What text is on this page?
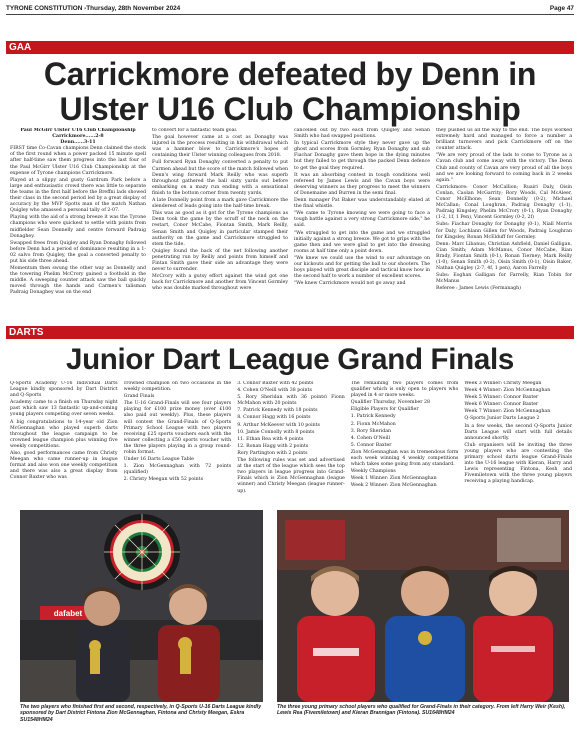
TYRONE CONSTITUTION -Thursday, 28th November 2024	Page 47
GAA
Carrickmore defeated by Denn in Ulster U16 Club Championship
Paul McGirr Ulster U16 Club Championship
Carrickmore......2-8
Denn......3-11

FIRST time Co-Cavan champions Denn claimed the stock of the first round when a power packed 15 minute spell after half-time saw them progress into the last four of the Paul McGirr Ulster U16 Club Championship at the expense of Tyrone champions Carrickmore.

Played at a slippy and gusty Gardrum Park before a large and enthusiastic crowd there was little to separate the teams in the first half before the Breffni lads showed their class in the second period led by a great display of accuracy by the MVP Spotts man of the match Nathan Quigley who amassed a personal tally of 2-07.

Playing with the aid of a strong breeze it was the Tyrone champions who were quickest to settle with points from midfielder Sean Donnelly and centre forward Padraig Donaghey.

Swapped frees from Quigley and Ryan Donaghy followed before Denn had a period of dominance resulting in a 1-02 salvo from Quigley, the goal a converted penalty to put his side three ahead.

Momentum then swung the other way as Donnelly and the towering Phelim McCrory gained a foothold in the middle. A sweeping counter attack saw the ball quickly moved through the hands and Carmen's talisman Padraig Donaghey was on the end

to convert for a fantastic team goal.

The goal however came at a cost as Donaghy was injured in the process resulting in his withdrawal which was a hammer blow to Carrickmore's hopes of containing their Ulster winning colleagues from 2018.

Full forward Ryan Donaghy converted a penalty to put Carmen ahead but the score of the match followed when Denn's wing forward Mark Reilly who was superb throughout gathered the ball sixty yards out before embarking on a mazy run ending with a sensational finish to the bottom corner from twenty yards.

A late Donnelly point from a mark gave Carrickmore the slenderest of leads going into the half-time break.

This was as good as it got for the Tyrone champions as Denn took the game by the scruff of the neck on the restart, Conor McCabe, Fiontan Smith, Mark Reilly, Senan Smith and Quigley in particular stamped their authority on the game and Carrickmore struggled to stem the tide.

Quigley found the back of the net following another penetrating run by Reilly and points from himself and Fintan Smith gave their side an advantage they were never to surrender.

McCrory with a gutsy effort against the wind got one back for Carrickmore and another from Vincent Gormley who was double marked throughout were

cancelled out by two each from Quigley and Senan Smith who had swapped positions.

In typical Carrickmore style they never gave up the ghost and scores from Gormley, Ryan Donaghy and sub Fiachar Donaghy gave them hope in the dying minutes but they failed to get through the packed Denn defence to get the goal they required.

It was an absorbing contest in tough conditions well refereed by James Lewis and the Cavan boys were deserving winners as they progress to meet the winners of Donemaine and Burren in the semi final.

Denn manager Pat Baker was understandably elated at the final whistle.

"We came to Tyrone knowing we were going to face a tough battle against a very strong Carrickmore side," he said.

"We struggled to get into the game and we struggled initially against a strong breeze. We got to grips with the game then and we were glad to get into the dressing rooms at half time only a point down.

"We knew we could use the wind to our advantage on our kickouts and for getting the ball to our shooters. The boys played with great disciple and tactical know how in the second half to work a number of excellent scores.

"We knew Carrickmore would not go away and

they pushed us all the way to the end. The boys worked extremely hard and managed to force a number a brilliant turnovers and pick Carrickmore off on the counter attack.

"We are very proud of the lads to come to Tyrone as a Cavan club and come away with the victory. The Denn Club and county of Cavan are very proud of all the boys and we are looking forward to coming back in 2 weeks again."

Carrickmore: Conor McCallion; Ruairi Daly, Oisin Conlan, Caolan McGarrity; Rory Woods, Cal McAleer, Conor McElhone; Sean Donnelly (0-2), Michael McCallan; Conal Loughran, Padraig Donaghy (1-1), Padraig Kingsley, Phelim McCrory (0-1), Ryan Donaghy (1-2, 1f, 1 Pen), Vincent Gormley (0-2, 2f)

Subs: Fiachar Donaghy for Donaghy (0-1), Niall Morris for Daly, Lochlann Gillen for Woods, Padraig Loughran for Kingsley, Ronan McElduff for Gormley.

Denn: Marc Libanus; Christian Ashfield, Daniel Galligan, Cian Smith; Adam McManus, Conor McCabe, Rian Brady, Fiontan Smith (0-1), Ronan Tierney; Mark Reilly (1-0), Senan Smith (0-2), Oisin Smith (0-1), Oisin Baker, Nathan Quigley (2-7, 4f, 1 pen), Aaron Farrelly

Subs: Eoghan Galligan for Farrelly, Rian Tobin for McManus

Referee : James Lewis (Fermanagh)

DARTS
Junior Dart League Grand Finals

Q-Sports Academy U-16 Individual Darts League kindly sponsored by Dart District and Q-Sports

Academy came to a finish on Thursday night past which saw 13 fantastic up-and-coming young players competing over seven weeks.

A big congratulations to 14-year old Zion McGennaghan who played superb darts throughout the league campaign to be crowned league champion plus winning five weekly competitions.

Also, good performances came from Christy Meegan who came runner-up in league format and also won one weekly competition and there was also a great display from Connor Baxter who was

crowned champion on two occasions in the weekly competition.

Grand Finals

The U-16 Grand-Finals will see four players playing for £100 prize money (over £100 also paid out weekly). Plus, these players will contest the Grand-Finals of Q-Sports Primary School League with two players receiving £25 sports vouchers each with the winner collecting a £50 sports voucher with the three players playing in a group round-robin format.

Under 16 Darts League Table

1. Zion McGennaghan with 72 points (qualified)

2. Christy Meegan with 52 points

3. Connor Baxter with 42 points

4. Cohen O'Neill with 38 points

5. Rory Sheridan with 36 points\ Fionn McMahon with 20 points

7. Patrick Kennedy with 18 points

8. Connor Hagg with 16 points

9. Arthur McKeever with 10 points

10. Jamie Connolly with 8 points

11. Ethan Rea with 4 points

12. Ronan Hagg with 2 points

Rory Partington with 2 points

The following rules was set and advertised at the start of the league which sees the top two players in league progress into Grand-Finals which is Zion McGennaghan (league winner) and Christy Meegan (league runner-up).

The remaining two players comes from qualifier which is only open to players who played in 4 or more weeks.

Qualifier Thursday, November 28

Eligible Players for Qualifier

1. Patrick Kennedy

2. Fionn McMahon

3. Rory Sheridan

4. Cohen O'Neill

5. Connor Baxter

Zion McGennaghan was in tremendous form each week winning 4 weekly competitions which takes some going from any standard.

Weekly Champions

Week 1 Winner: Zion McGennaghan

Week 2 Winner: Zion McGennaghan

Week 3 Winner: Christy Meegan

Week 4 Winner: Zion McGennaghan

Week 5 Winner: Connor Baxter

Week 6 Winner: Connor Baxter

Week 7 Winner: Zion McGennaghan

Q-Sports Junior Darts League 2

In a few weeks, the second Q-Sports Junior Darts League will start with full details announced shortly.

Club organisers will be inviting the three young players who are contesting the primary school darts league Grand-Finals into the U-16 league with Kieran, Harry and Lewis representing Fintona, Kesh and Fivemiletown with the three young players receiving a playing handicap.

dafabet
The two players who finished first and second, respectively, in Q-Sports U-16 Darts League kindly sponsored by Dart District Fintona Zion McGennaghan, Fintona and Christy Meegan, Eskra SU1548HM24
The three young primary school players who qualified for Grand-Finals in their category. From left Harry Weir (Kesh), Lewis Rea (Fivemiletown) and Kieran Brannigan (Fintona). SU1648HM24
